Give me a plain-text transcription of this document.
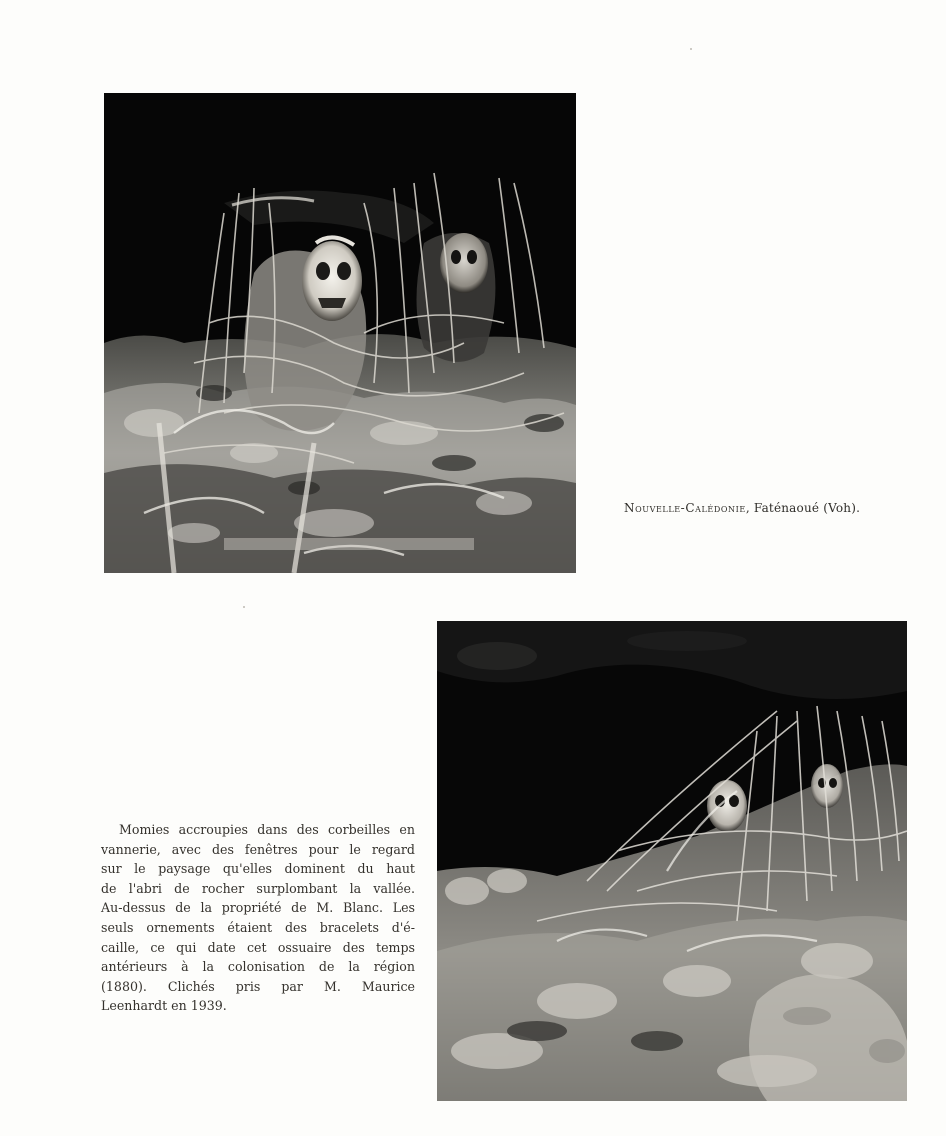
Nouvelle-Calédonie, Faténaoué (Voh).
Momies accroupies dans des corbeilles en
vannerie, avec des fenêtres pour le regard
sur le paysage qu'elles dominent du haut
de l'abri de rocher surplombant la vallée.
Au-dessus de la propriété de M. Blanc. Les
seuls ornements étaient des bracelets d'é-
caille, ce qui date cet ossuaire des temps
antérieurs à la colonisation de la région
(1880). Clichés pris par M. Maurice
Leenhardt en 1939.
